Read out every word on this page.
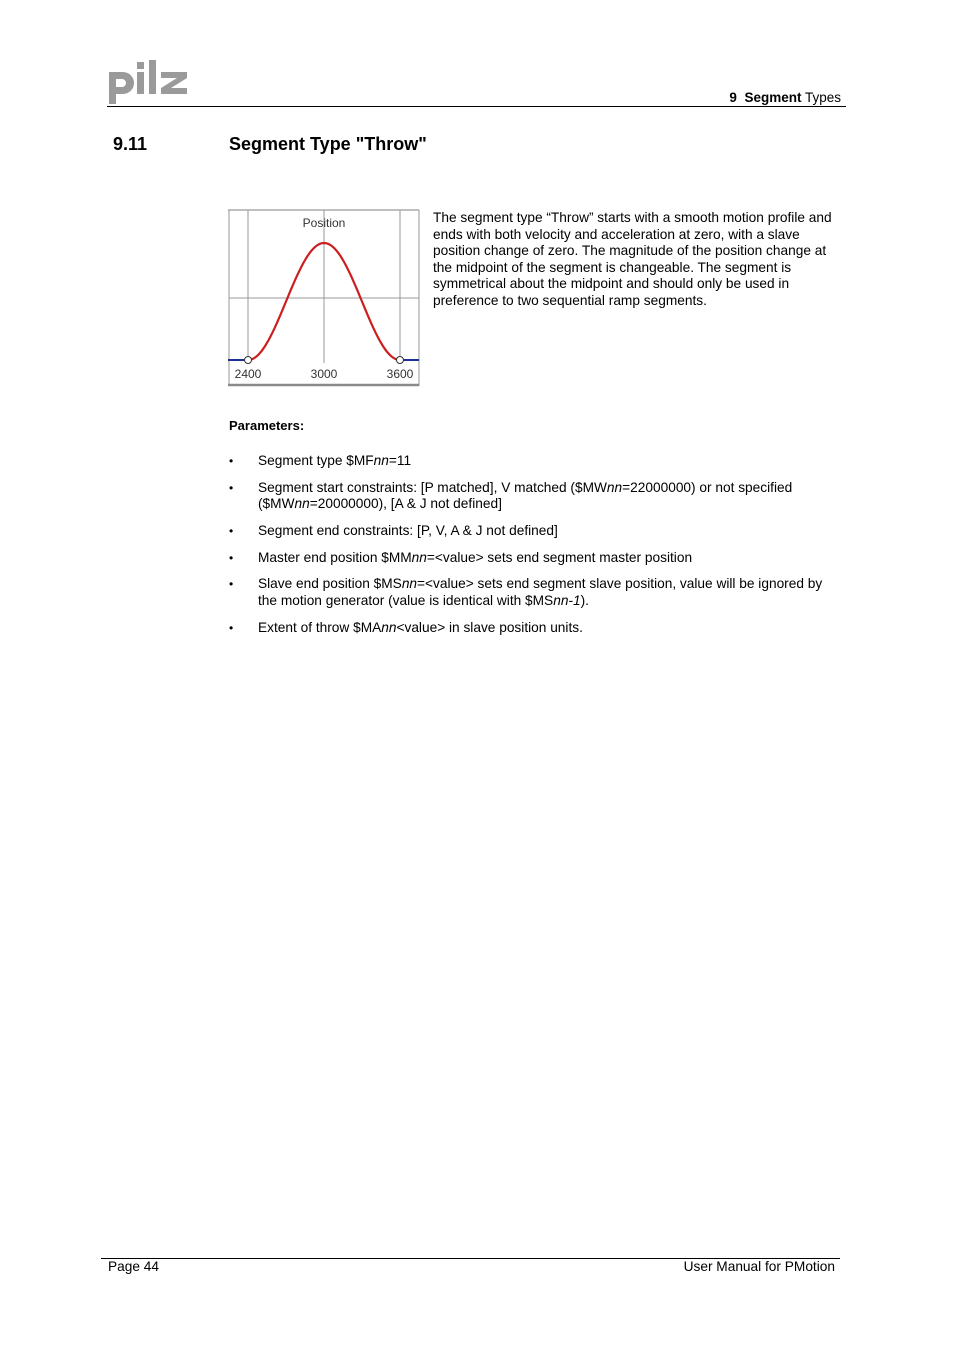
9 Segment Types
9.11	Segment Type "Throw"
Position
2400	3000	3600

The segment type “Throw” starts with a smooth motion profile and ends with both velocity and acceleration at zero, with a slave position change of zero. The magnitude of the position change at the midpoint of the segment is changeable. The segment is symmetrical about the midpoint and should only be used in preference to two sequential ramp segments.

Parameters:

• Segment type $MFnn=11
• Segment start constraints: [P matched], V matched ($MWnn=22000000) or not specified ($MWnn=20000000), [A & J not defined]
• Segment end constraints: [P, V, A & J not defined]
• Master end position $MMnn=<value> sets end segment master position
• Slave end position $MSnn=<value> sets end segment slave position, value will be ignored by the motion generator (value is identical with $MSnn-1).
• Extent of throw $MAnn<value> in slave position units.
Page 44	User Manual for PMotion
